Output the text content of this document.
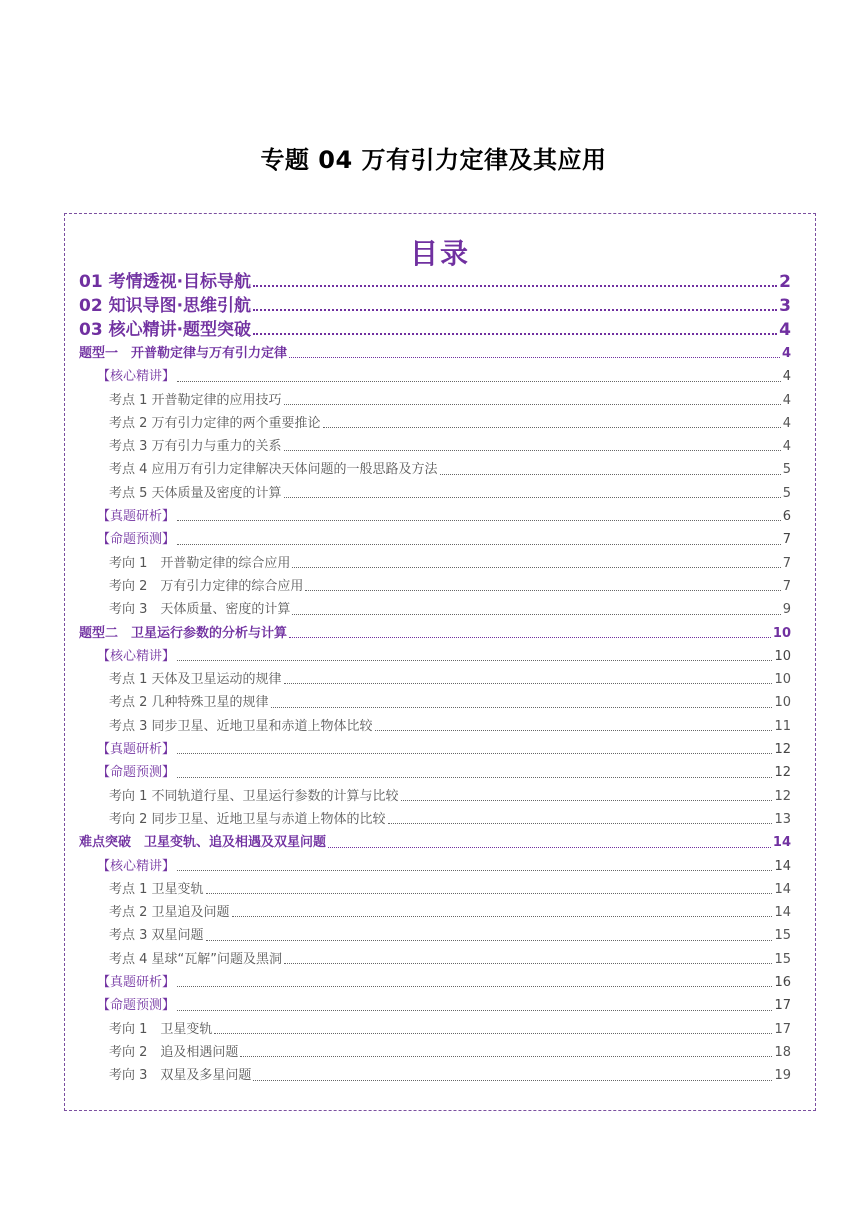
专题 04 万有引力定律及其应用
目录
01 考情透视·目标导航	2
02 知识导图·思维引航	3
03 核心精讲·题型突破	4
题型一　开普勒定律与万有引力定律	4
【核心精讲】	4
考点 1 开普勒定律的应用技巧	4
考点 2 万有引力定律的两个重要推论	4
考点 3 万有引力与重力的关系	4
考点 4 应用万有引力定律解决天体问题的一般思路及方法	5
考点 5 天体质量及密度的计算	5
【真题研析】	6
【命题预测】	7
考向 1　开普勒定律的综合应用	7
考向 2　万有引力定律的综合应用	7
考向 3　天体质量、密度的计算	9
题型二　卫星运行参数的分析与计算	10
【核心精讲】	10
考点 1 天体及卫星运动的规律	10
考点 2 几种特殊卫星的规律	10
考点 3 同步卫星、近地卫星和赤道上物体比较	11
【真题研析】	12
【命题预测】	12
考向 1 不同轨道行星、卫星运行参数的计算与比较	12
考向 2 同步卫星、近地卫星与赤道上物体的比较	13
难点突破　卫星变轨、追及相遇及双星问题	14
【核心精讲】	14
考点 1 卫星变轨	14
考点 2 卫星追及问题	14
考点 3 双星问题	15
考点 4 星球“瓦解”问题及黑洞	15
【真题研析】	16
【命题预测】	17
考向 1　卫星变轨	17
考向 2　追及相遇问题	18
考向 3　双星及多星问题	19
